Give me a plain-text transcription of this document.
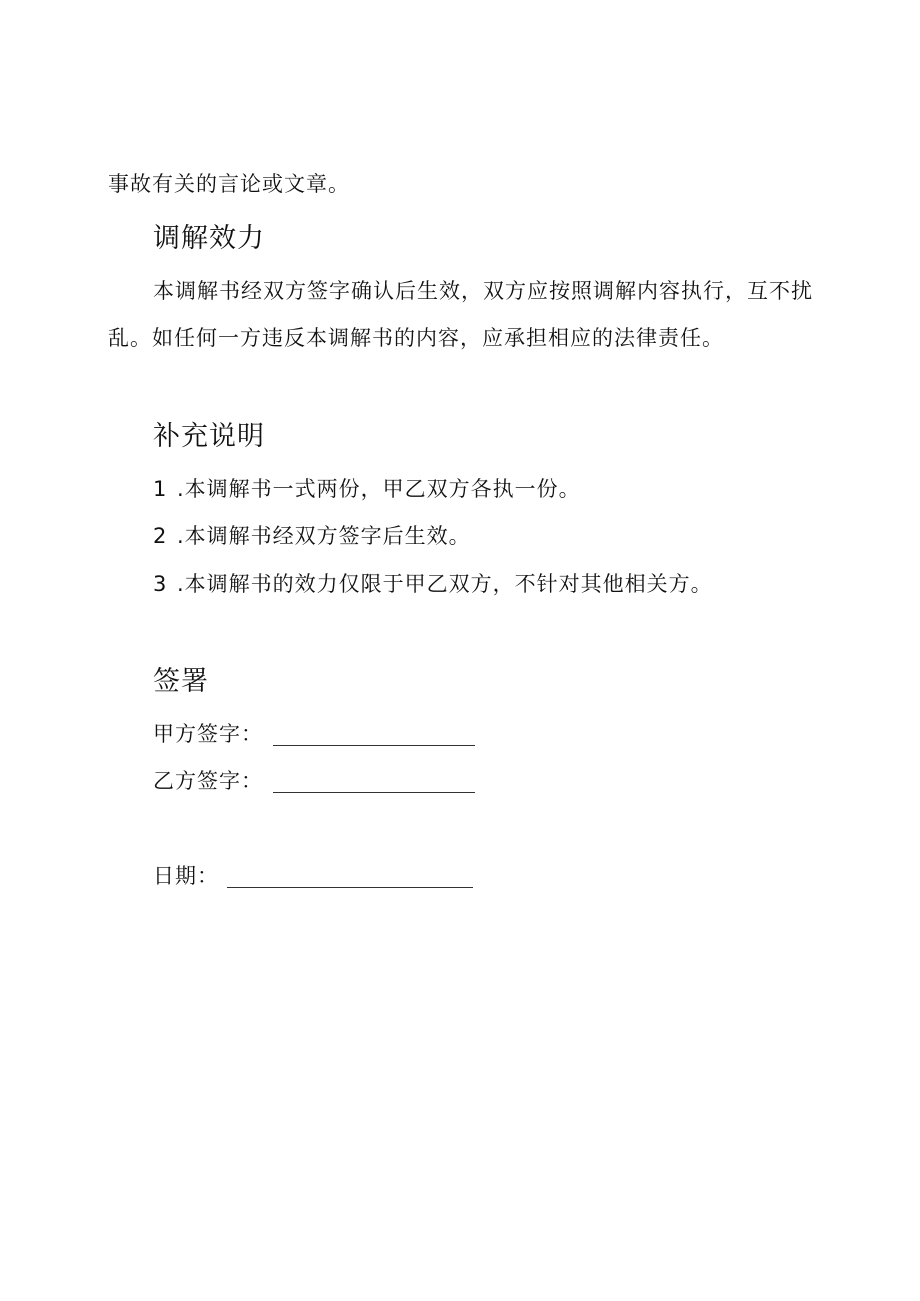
事故有关的言论或文章。
调解效力
本调解书经双方签字确认后生效，双方应按照调解内容执行，互不扰
乱。如任何一方违反本调解书的内容，应承担相应的法律责任。
补充说明
1 .本调解书一式两份，甲乙双方各执一份。
2 .本调解书经双方签字后生效。
3 .本调解书的效力仅限于甲乙双方，不针对其他相关方。
签署
甲方签字：
乙方签字：
日期：
